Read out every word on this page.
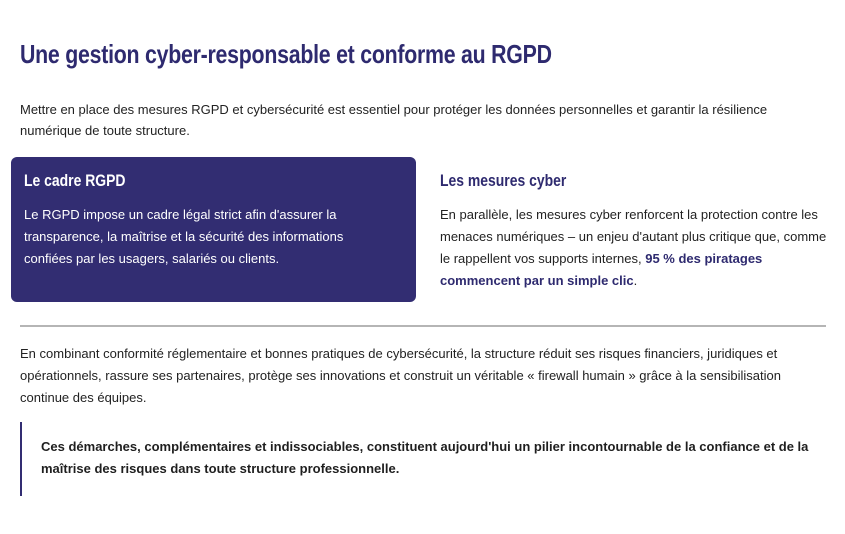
Une gestion cyber-responsable et conforme au RGPD

Mettre en place des mesures RGPD et cybersécurité est essentiel pour protéger les données personnelles et garantir la résilience numérique de toute structure.

Le cadre RGPD

Le RGPD impose un cadre légal strict afin d'assurer la transparence, la maîtrise et la sécurité des informations confiées par les usagers, salariés ou clients.

Les mesures cyber

En parallèle, les mesures cyber renforcent la protection contre les menaces numériques – un enjeu d'autant plus critique que, comme le rappellent vos supports internes, 95 % des piratages commencent par un simple clic.

En combinant conformité réglementaire et bonnes pratiques de cybersécurité, la structure réduit ses risques financiers, juridiques et opérationnels, rassure ses partenaires, protège ses innovations et construit un véritable « firewall humain » grâce à la sensibilisation continue des équipes.

Ces démarches, complémentaires et indissociables, constituent aujourd'hui un pilier incontournable de la confiance et de la maîtrise des risques dans toute structure professionnelle.
